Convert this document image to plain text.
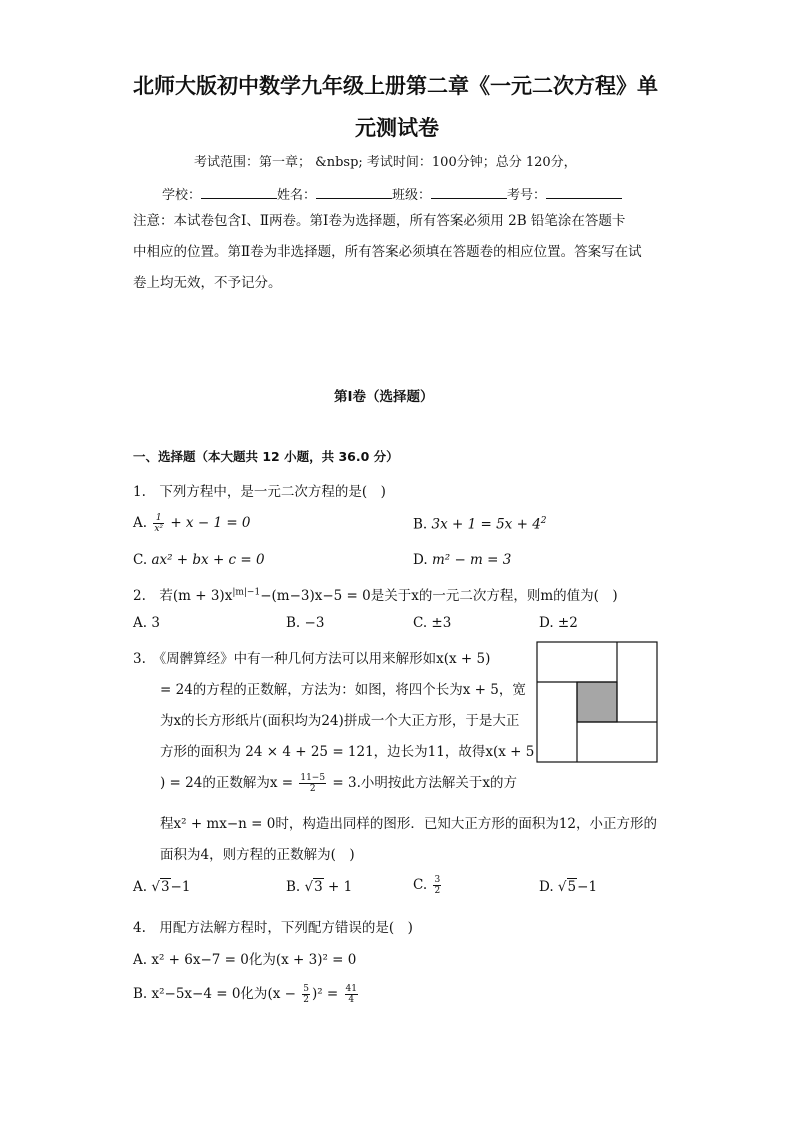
北师大版初中数学九年级上册第二章《一元二次方程》单
元测试卷
考试范围：第一章； &nbsp; 考试时间：100分钟；总分 120分，
学校：	姓名：	班级：	考号：
注意：本试卷包含Ⅰ、Ⅱ两卷。第Ⅰ卷为选择题，所有答案必须用 2B 铅笔涂在答题卡
中相应的位置。第Ⅱ卷为非选择题，所有答案必须填在答题卷的相应位置。答案写在试
卷上均无效，不予记分。
第Ⅰ卷（选择题）
一、选择题（本大题共 12 小题，共 36.0 分）
1.　下列方程中，是一元二次方程的是(　)
A. $\frac{1}{\text{x²}} + x - 1 = 0$	B. $3x + 1 = 5x + 4^2$
C. ax² + bx + c = 0	D. m² − m = 3
2.　若$(m + 3)x^{|m|-1}-(m-3)x-5 = 0$是关于x的一元二次方程，则m的值为(　)
A. 3	B. −3	C. ±3	D. ±2
3.　《周髀算经》中有一种几何方法可以用来解形如x(x + 5)
= 24的方程的正数解，方法为：如图，将四个长为x + 5，宽
为x的长方形纸片(面积均为24)拼成一个大正方形，于是大正
方形的面积为 24 × 4 + 25 = 121，边长为11，故得x(x + 5
) = 24的正数解为$x = \frac{11-5}{2} = 3$.小明按此方法解关于x的方
程x² + mx−n = 0时，构造出同样的图形．已知大正方形的面积为12，小正方形的
面积为4，则方程的正数解为(　)
A. √3−1	B. √3 + 1	C. $\frac{3}{2}$	D. √5−1
4.　用配方法解方程时，下列配方错误的是(　)
A. x² + 6x−7 = 0化为(x + 3)² = 0
B. x²−5x−4 = 0化为$(x - \frac{5}{2} )^2 = \frac{41}{4}$
